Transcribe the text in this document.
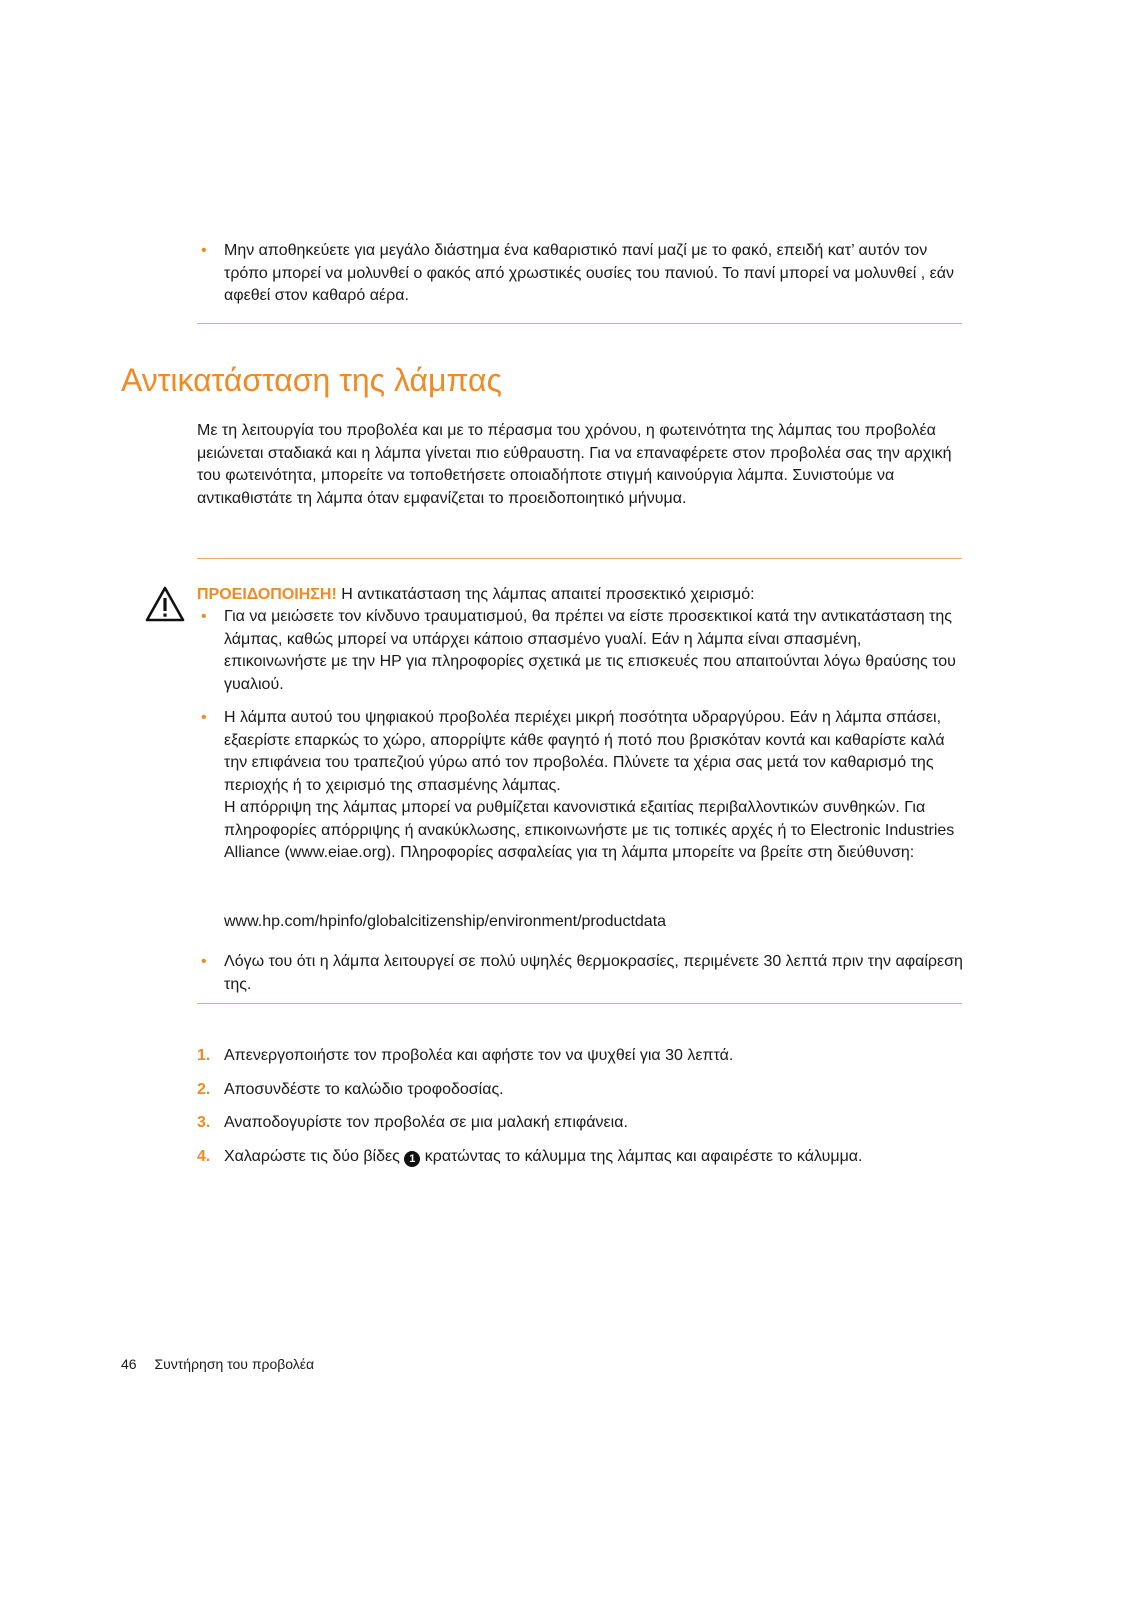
• Μην αποθηκεύετε για μεγάλο διάστημα ένα καθαριστικό πανί μαζί με το φακό, επειδή κατ’ αυτόν τον τρόπο μπορεί να μολυνθεί ο φακός από χρωστικές ουσίες του πανιού. Το πανί μπορεί να μολυνθεί , εάν αφεθεί στον καθαρό αέρα.
Αντικατάσταση της λάμπας
Με τη λειτουργία του προβολέα και με το πέρασμα του χρόνου, η φωτεινότητα της λάμπας του προβολέα μειώνεται σταδιακά και η λάμπα γίνεται πιο εύθραυστη. Για να επαναφέρετε στον προβολέα σας την αρχική του φωτεινότητα, μπορείτε να τοποθετήσετε οποιαδήποτε στιγμή καινούργια λάμπα. Συνιστούμε να αντικαθιστάτε τη λάμπα όταν εμφανίζεται το προειδοποιητικό μήνυμα.
ΠΡΟΕΙΔΟΠΟΙΗΣΗ! Η αντικατάσταση της λάμπας απαιτεί προσεκτικό χειρισμό:
• Για να μειώσετε τον κίνδυνο τραυματισμού, θα πρέπει να είστε προσεκτικοί κατά την αντικατάσταση της λάμπας, καθώς μπορεί να υπάρχει κάποιο σπασμένο γυαλί. Εάν η λάμπα είναι σπασμένη, επικοινωνήστε με την HP για πληροφορίες σχετικά με τις επισκευές που απαιτούνται λόγω θραύσης του γυαλιού.
• Η λάμπα αυτού του ψηφιακού προβολέα περιέχει μικρή ποσότητα υδραργύρου. Εάν η λάμπα σπάσει, εξαερίστε επαρκώς το χώρο, απορρίψτε κάθε φαγητό ή ποτό που βρισκόταν κοντά και καθαρίστε καλά την επιφάνεια του τραπεζιού γύρω από τον προβολέα. Πλύνετε τα χέρια σας μετά τον καθαρισμό της περιοχής ή το χειρισμό της σπασμένης λάμπας.
Η απόρριψη της λάμπας μπορεί να ρυθμίζεται κανονιστικά εξαιτίας περιβαλλοντικών συνθηκών. Για πληροφορίες απόρριψης ή ανακύκλωσης, επικοινωνήστε με τις τοπικές αρχές ή το Electronic Industries Alliance (www.eiae.org). Πληροφορίες ασφαλείας για τη λάμπα μπορείτε να βρείτε στη διεύθυνση:
www.hp.com/hpinfo/globalcitizenship/environment/productdata
• Λόγω του ότι η λάμπα λειτουργεί σε πολύ υψηλές θερμοκρασίες, περιμένετε 30 λεπτά πριν την αφαίρεση της.
1. Απενεργοποιήστε τον προβολέα και αφήστε τον να ψυχθεί για 30 λεπτά.
2. Αποσυνδέστε το καλώδιο τροφοδοσίας.
3. Αναποδογυρίστε τον προβολέα σε μια μαλακή επιφάνεια.
4. Χαλαρώστε τις δύο βίδες 1 κρατώντας το κάλυμμα της λάμπας και αφαιρέστε το κάλυμμα.
46 Συντήρηση του προβολέα
